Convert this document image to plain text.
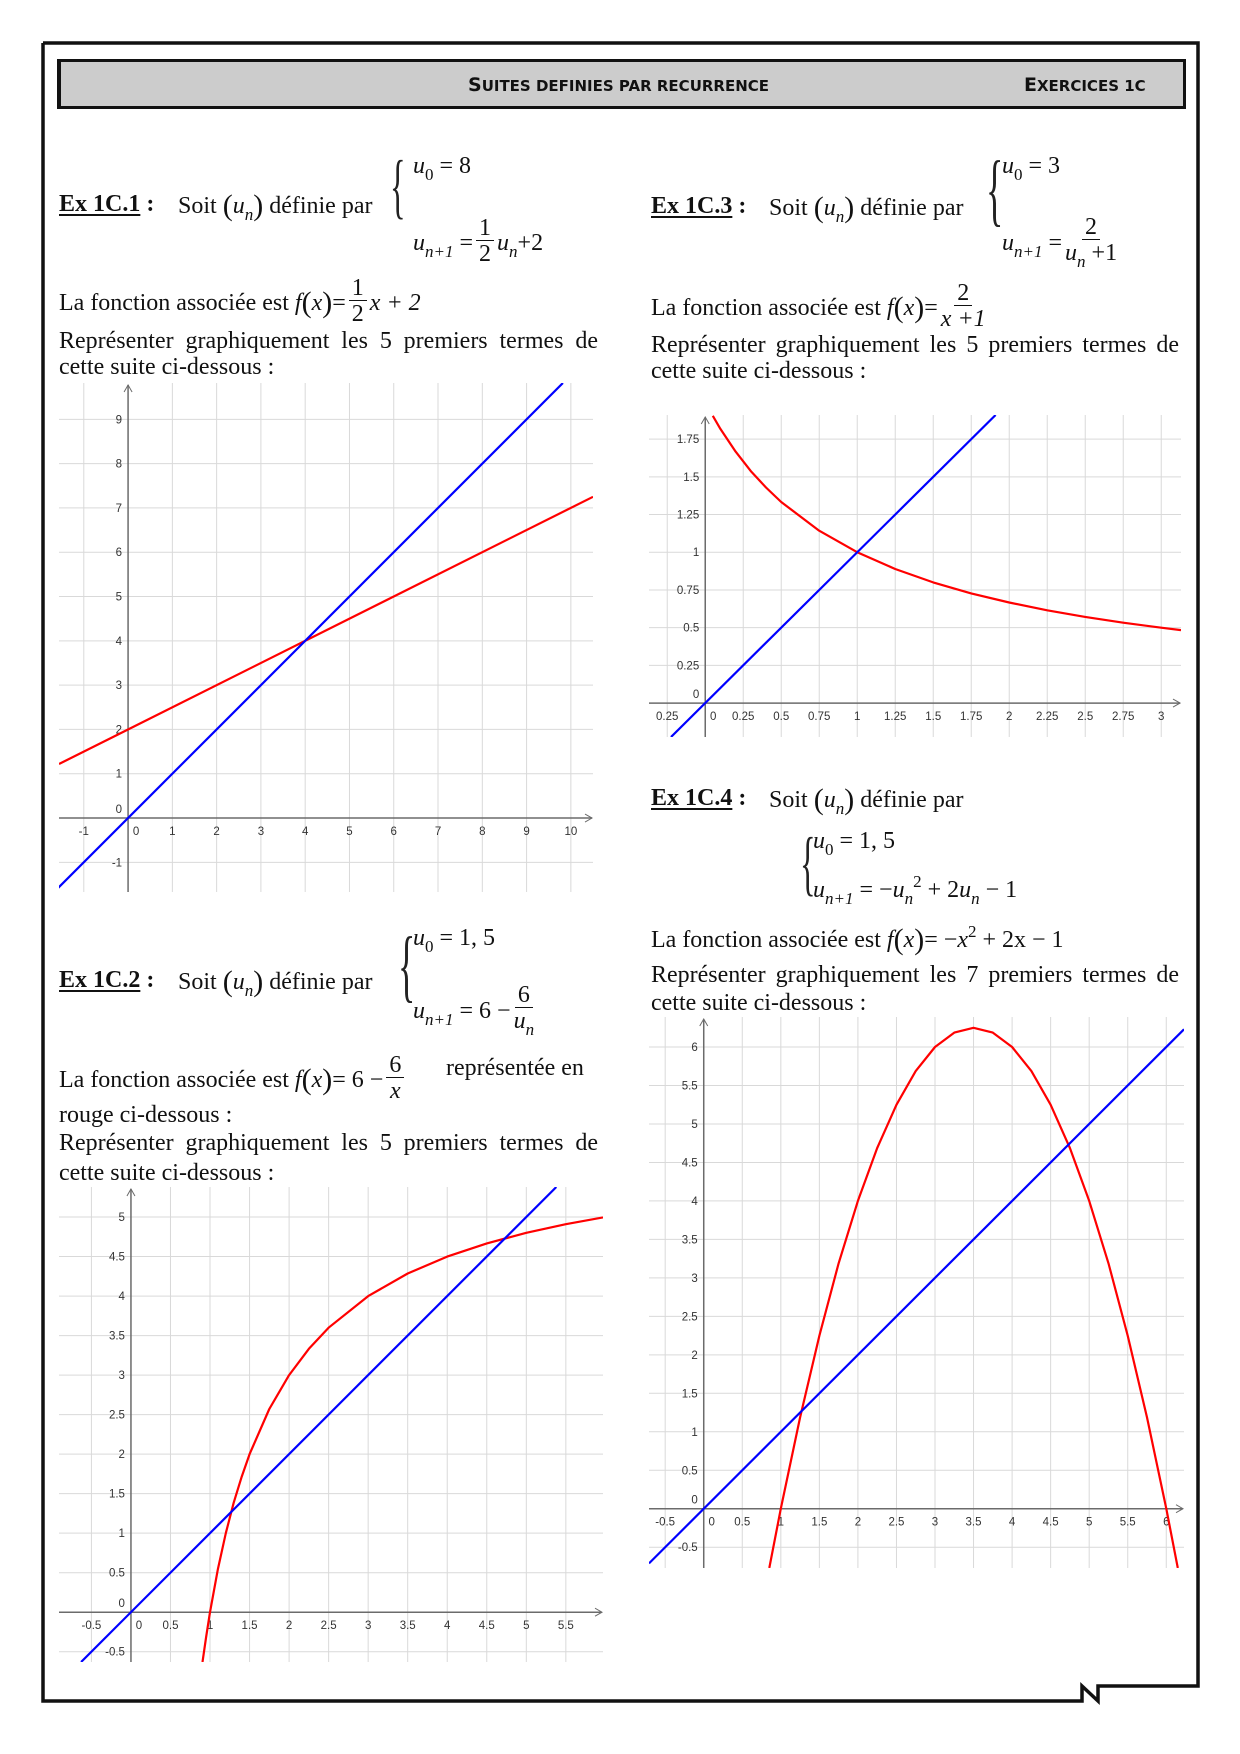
SUITES DEFINIES PAR RECURRENCE	EXERCICES 1C
Ex 1C.1 : Soit $(u_n)$ définie par { $u_0 = 8$
$u_{n+1} = \frac{1}{2} u_n+2$
La fonction associée est $f(x)= \frac{1}{2}$ x + 2
Représenter graphiquement les 5 premiers termes de
cette suite ci-dessous :
-1	0	1	2	3	4	5	6	7	8	9	10
-1
0
1
2
3
4
5
6
7
8
9
Ex 1C.2 : Soit $(u_n)$ définie par {
$u_0 = 1$, 5
$u_{n+1} = 6 - \frac{6}{u_n}$
La fonction associée est $f(x)= 6 - \frac{6}{x}$ représentée en
rouge ci-dessous :
Représenter graphiquement les 5 premiers termes de
cette suite ci-dessous :
-0.5	0 0.5 1 1.5 2 2.5 3 3.5 4 4.5 5 5.5
-0.5
0
0.5
1
1.5
2
2.5
3
3.5
4
4.5
5
Ex 1C.3 : Soit $(u_n)$ définie par {
$u_0 = 3$
$u_{n+1} = \frac{2}{u_n +1}$
La fonction associée est $f(x)= \frac{2}{x +1}$
Représenter graphiquement les 5 premiers termes de
cette suite ci-dessous :
0.25	0 0.25 0.5 0.75 1 1.25 1.5 1.75 2 2.25 2.5 2.75 3
0
0.25
0.5
0.75
1
1.25
1.5
1.75
Ex 1C.4 : Soit $(u_n)$ définie par
{
$u_0 = 1$, 5
$u_{n+1} = -u_n^2 + 2u_n - 1$
La fonction associée est $f(x)= -x^2 + 2x - 1$
Représenter graphiquement les 7 premiers termes de
cette suite ci-dessous :
-0.5	0 0.5 1 1.5 2 2.5 3 3.5 4 4.5 5 5.5 6
-0.5
0
0.5
1
1.5
2
2.5
3
3.5
4
4.5
5
5.5
6
